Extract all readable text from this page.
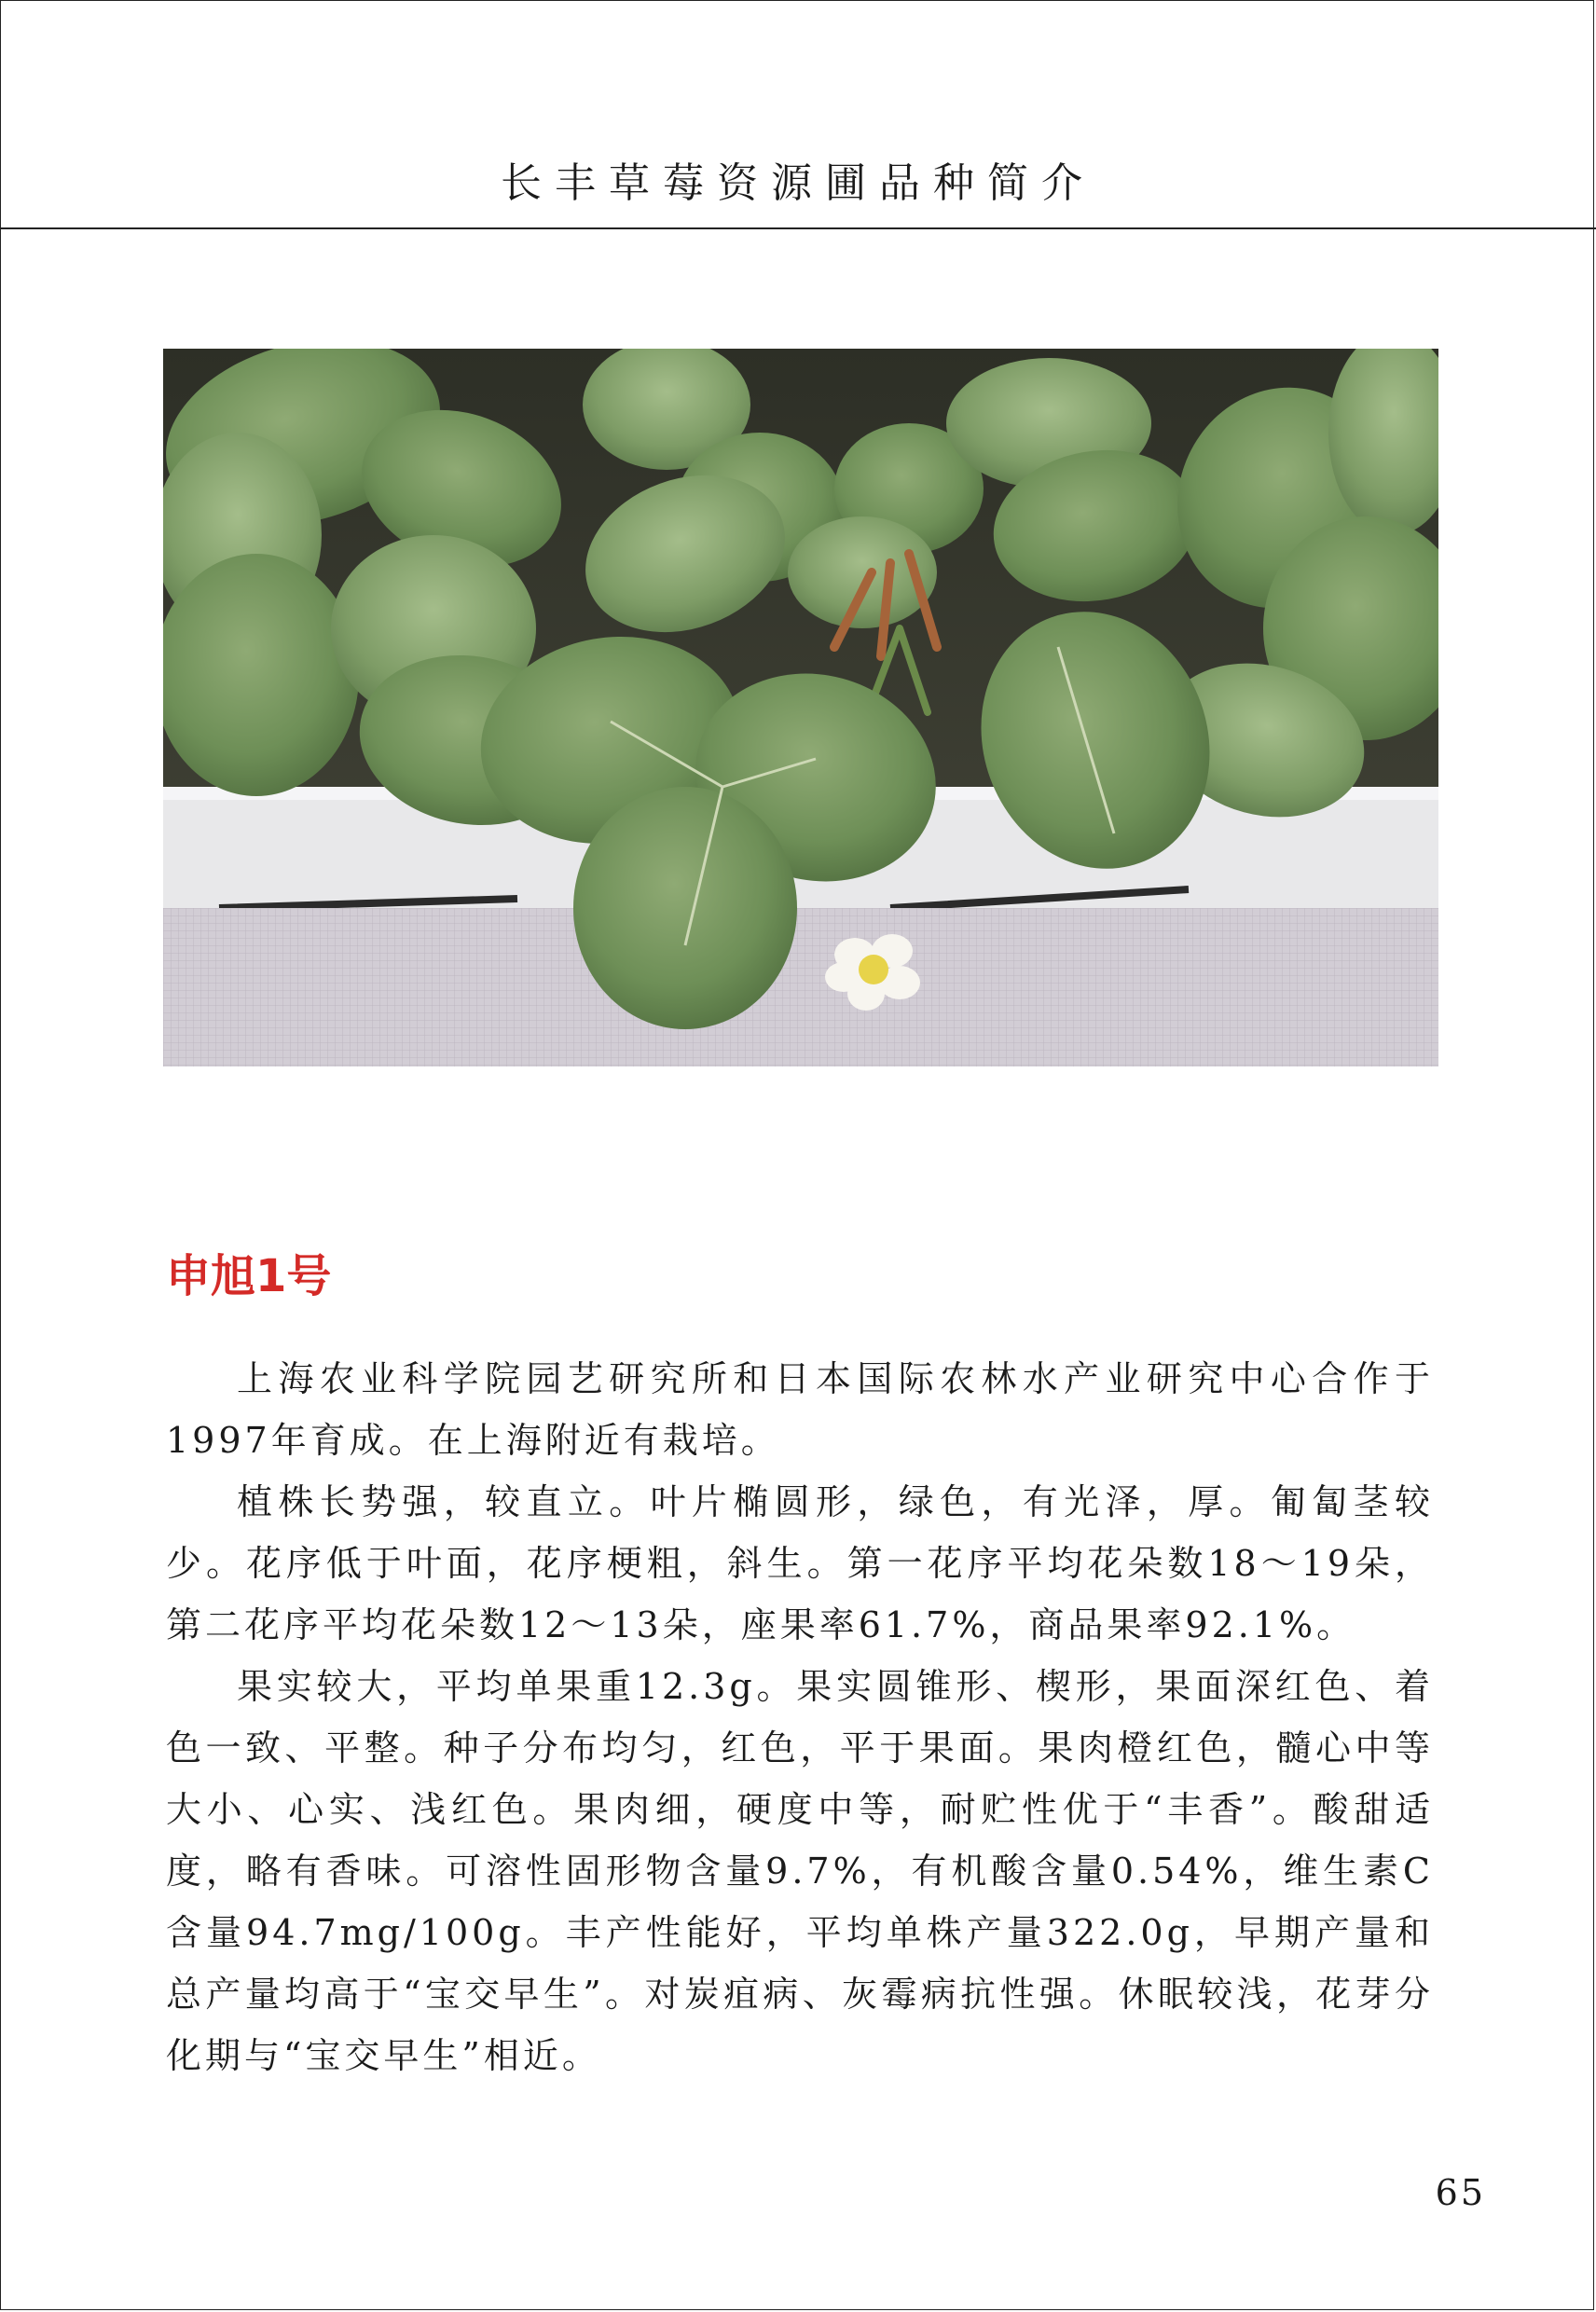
长丰草莓资源圃品种简介
申旭1号

上海农业科学院园艺研究所和日本国际农林水产业研究中心合作于1997年育成。在上海附近有栽培。

植株长势强，较直立。叶片椭圆形，绿色，有光泽，厚。匍匐茎较少。花序低于叶面，花序梗粗，斜生。第一花序平均花朵数18～19朵，第二花序平均花朵数12～13朵，座果率61.7%，商品果率92.1%。

果实较大，平均单果重12.3g。果实圆锥形、楔形，果面深红色、着色一致、平整。种子分布均匀，红色，平于果面。果肉橙红色，髓心中等大小、心实、浅红色。果肉细，硬度中等，耐贮性优于“丰香”。酸甜适度，略有香味。可溶性固形物含量9.7%，有机酸含量0.54%，维生素C含量94.7mg/100g。丰产性能好，平均单株产量322.0g，早期产量和总产量均高于“宝交早生”。对炭疽病、灰霉病抗性强。休眠较浅，花芽分化期与“宝交早生”相近。

65
